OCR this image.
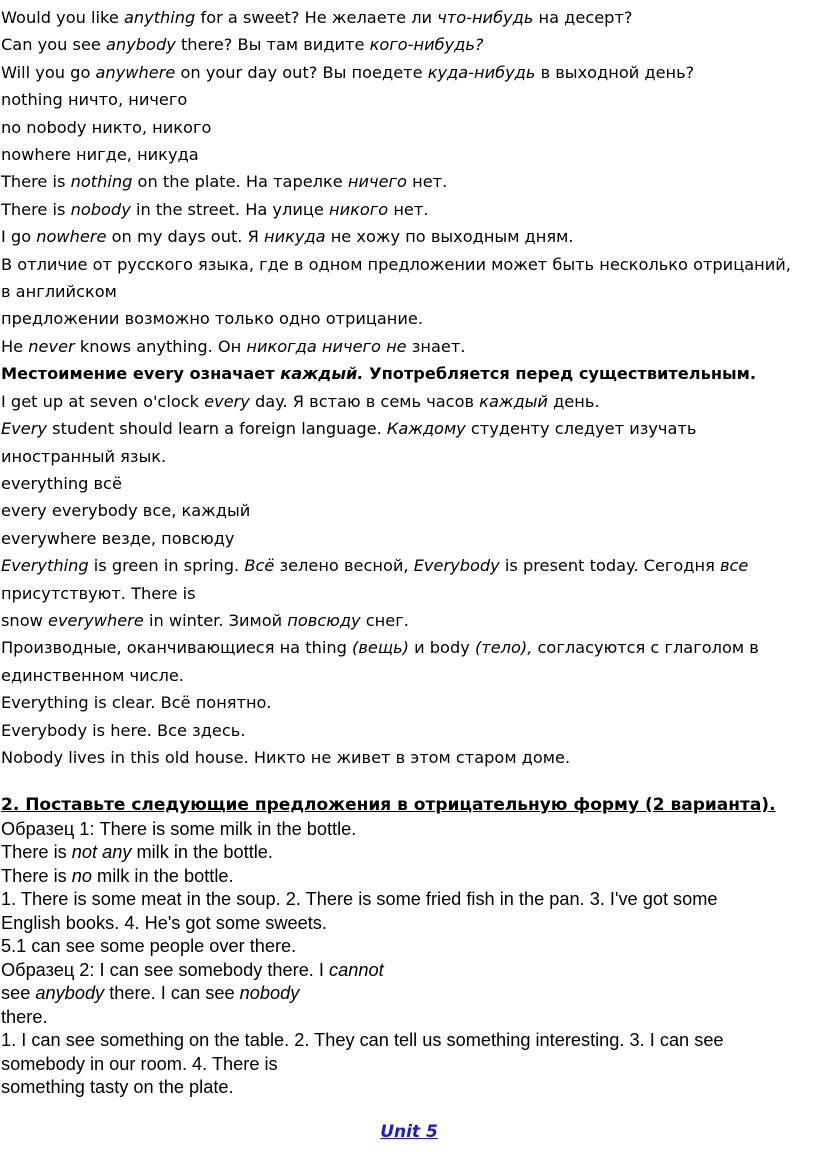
Would you like anything for a sweet? Не желаете ли что-нибудь на десерт?

Can you see anybody there? Вы там видите кого-нибудь?

Will you go anywhere on your day out? Вы поедете куда-нибудь в выходной день?

nothing ничто, ничего

no nobody никто, никого

nowhere нигде, никуда

There is nothing on the plate. На тарелке ничего нет.

There is nobody in the street. На улице никого нет.

I go nowhere on my days out. Я никуда не хожу по выходным дням.

В отличие от русского языка, где в одном предложении может быть несколько отрицаний,

в английском

предложении возможно только одно отрицание.

Не never knows anything. Он никогда ничего не знает.

Местоимение every означает каждый. Употребляется перед существительным.

I get up at seven o'clock every day. Я встаю в семь часов каждый день.

Every student should learn a foreign language. Каждому студенту следует изучать

иностранный язык.

everything всё

every everybody все, каждый

everywhere везде, повсюду

Everything is green in spring. Всё зелено весной, Everybody is present today. Сегодня все

присутствуют. There is

snow everywhere in winter. Зимой повсюду снег.

Производные, оканчивающиеся на thing (вещь) и body (тело), согласуются с глаголом в

единственном числе.

Everything is clear. Всё понятно.

Everybody is here. Все здесь.

Nobody lives in this old house. Никто не живет в этом старом доме.

2. Поставьте следующие предложения в отрицательную форму (2 варианта).

Образец 1: There is some milk in the bottle.

There is not any milk in the bottle.

There is no milk in the bottle.

1. There is some meat in the soup. 2. There is some fried fish in the pan. 3. I've got some

English books. 4. He's got some sweets.

5.1 can see some people over there.

Образец 2: I can see somebody there. I cannot

see anybody there. I can see nobody

there.

1. I can see something on the table. 2. They can tell us something interesting. 3. I can see

somebody in our room. 4. There is

something tasty on the plate.

Unit 5
